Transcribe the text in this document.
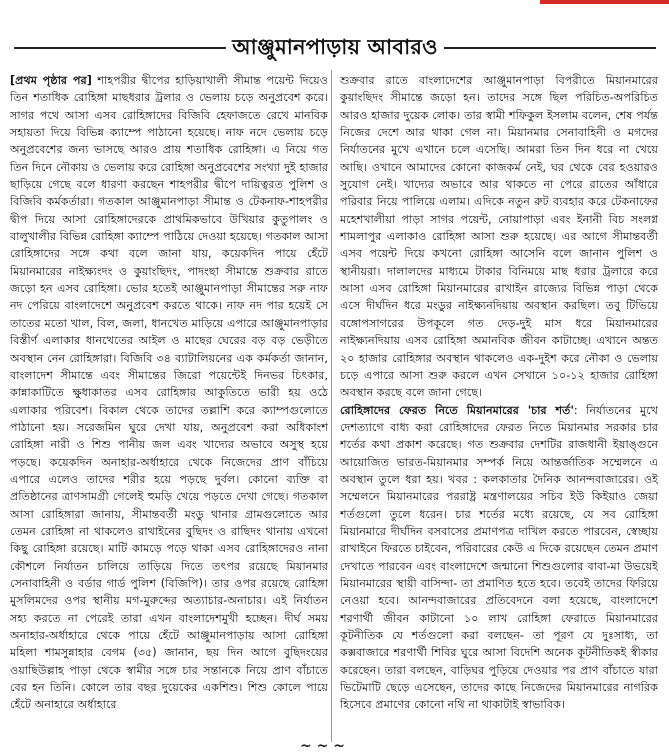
আঞ্জুমানপাড়ায় আবারও

[প্রথম পৃষ্ঠার পর] শাহপরীর দ্বীপের হাড়িয়াখালী সীমান্ত পয়েন্ট দিয়েও তিন শতাধিক রোহিঙ্গা মাছধরার ট্রলার ও ভেলায় চড়ে অনুপ্রবেশ করে। সাগর পথে আসা এসব রোহিঙ্গাদের বিজিবি হেফাজতে রেখে মানবিক সহায়তা দিয়ে বিভিন্ন ক্যাম্পে পাঠানো হয়েছে। নাফ নদে ভেলায় চড়ে অনুপ্রবেশের জন্য ভাসছে আরও প্রায় শতাধিক রোহিঙ্গা। এ নিয়ে গত তিন দিনে নৌকায় ও ভেলায় করে রোহিঙ্গা অনুপ্রবেশের সংখ্যা দুই হাজার ছাড়িয়ে গেছে বলে ধারণা করছেন শাহপরীর দ্বীপে দায়িত্বরত পুলিশ ও বিজিবি কর্মকর্তারা। গতকাল আঞ্জুমানপাড়া সীমান্ত ও টেকনাফ-শাহপরীর দ্বীপ দিয়ে আসা রোহিঙ্গাদেরকে প্রাথমিকভাবে উখিয়ার কুতুপালং ও বালুখালীর বিভিন্ন রোহিঙ্গা ক্যাম্পে পাঠিয়ে দেওয়া হয়েছে। গতকাল আসা রোহিঙ্গাদের সঙ্গে কথা বলে জানা যায়, কয়েকদিন পায়ে হেঁটে মিয়ানমারের নাইক্ষ্যংদং ও কুয়াংছিদং, পাদংছা সীমান্তে শুক্রবার রাতে জড়ো হন এসব রোহিঙ্গা। ভোর হতেই আঞ্জুমানপাড়া সীমান্তের সরু নাফ নদ পেরিয়ে বাংলাদেশে অনুপ্রবেশ করতে থাকে। নাফ নদ পার হয়েই সে তাতের মতো খাল, বিল, জলা, ধানখেত মাড়িয়ে এপারে আঞ্জুমানপাড়ার বিস্তীর্ণ এলাকার ধানখেতের আইল ও মাছের ঘেরের বড় বড় ভেড়ীতে অবস্থান নেন রোহিঙ্গারা। বিজিবি ৩৪ ব্যাটালিয়নের এক কর্মকর্তা জানান, বাংলাদেশ সীমান্তে এবং সীমান্তের জিরো পয়েন্টেই দিনভর চিৎকার, কান্নাকাটিতে ক্ষুধাকাতর এসব রোহিঙ্গার আকুতিতে ভারী হয় ওঠে এলাকার পরিবেশ। বিকাল থেকে তাদের তল্লাশি করে ক্যাম্পগুলোতে পাঠানো হয়। সরেজমিন ঘুরে দেখা যায়, অনুপ্রবেশ করা অধিকাংশ রোহিঙ্গা নারী ও শিশু পানীয় জল এবং খাদ্যের অভাবে অসুস্থ হয়ে পড়ছে। কয়েকদিন অনাহার-অর্ধাহারে থেকে নিজেদের প্রাণ বাঁচিয়ে এপারে এলেও তাদের শরীর হয়ে পড়ছে দুর্বল। কোনো ব্যক্তি বা প্রতিষ্ঠানের ত্রাণসামগ্রী গেলেই হুমড়ি খেয়ে পড়তে দেখা গেছে। গতকাল আসা রোহিঙ্গারা জানায়, সীমান্তবর্তী মংডু থানার গ্রামগুলোতে আর তেমন রোহিঙ্গা না থাকলেও রাথাইনের বুছিদং ও রাছিদং থানায় এখনো কিছু রোহিঙ্গা রয়েছে। মাটি কামড়ে পড়ে থাকা এসব রোহিঙ্গাদেরও নানা কৌশলে নির্যাতন চালিয়ে তাড়িয়ে দিতে তৎপর রয়েছে মিয়ানমার সেনাবাহিনী ও বর্ডার গার্ড পুলিশ (বিজিপি)। তার ওপর রয়েছে রোহিঙ্গা মুসলিমদের ওপর স্থানীয় মগ-মুরুব্দের অত্যাচার-অনাচার। এই নির্যাতন সহ্য করতে না পেরেই তারা এখন বাংলাদেশমুখী হচ্ছেন। দীর্ঘ সময় অনাহার-অর্ধাহারে থেকে পায়ে হেঁটে আঞ্জুমানপাড়ায় আসা রোহিঙ্গা মহিলা শামসুন্নাহার বেগম (৩৫) জানান, ছয় দিন আগে বুছিদংয়ের ওয়াছিউল্লাহ পাড়া থেকে স্বামীর সঙ্গে চার সন্তানকে নিয়ে প্রাণ বাঁচাতে বের হন তিনি। কোলে তার বছর দুয়েকের একশিশু। শিশু কোলে পায়ে হেঁটে অনাহারে অর্ধাহারে

শুক্রবার রাতে বাংলাদেশের আঞ্জুমানপাড়া বিপরীতে মিয়ানমারের কুয়াংছিদং সীমান্তে জড়ো হন। তাদের সঙ্গে ছিল পরিচিত-অপরিচিত আরও হাজার দুয়েক লোক। তার স্বামী শফিকুল ইসলাম বলেন, শেষ পর্যন্ত নিজের দেশে আর থাকা গেল না। মিয়ানমার সেনাবাহিনী ও মগদের নির্যাতনের মুখে এখানে চলে এসেছি। আমরা তিন দিন ধরে না খেয়ে আছি। ওখানে আমাদের কোনো কাজকর্ম নেই, ঘর থেকে বের হওয়ারও সুযোগ নেই। খাদ্যের অভাবে আর থাকতে না পেরে রাতের আঁধারে পরিবার নিয়ে পালিয়ে এলাম। এদিকে নতুন রুট ব্যবহার করে টেকনাফের মহেশখালীয়া পাড়া সাগর পয়েন্ট, নোয়াপাড়া এবং ইনানী বিচ সংলগ্ন শামলাপুর এলাকাও রোহিঙ্গা আসা শুরু হয়েছে। এর আগে সীমান্তবর্তী এসব পয়েন্ট দিয়ে কখনো রোহিঙ্গা আসেনি বলে জানান পুলিশ ও স্থানীয়রা। দালালদের মাধ্যমে টাকার বিনিময়ে মাছ ধরার ট্রলারে করে আসা এসব রোহিঙ্গা মিয়ানমারের রাখাইন রাজ্যের বিভিন্ন পাড়া থেকে এসে দীর্ঘদিন ধরে মংডুর নাইক্ষ্যনদিয়ায় অবস্থান করছিল। তবু টিভিয়ে বঙ্গোপসাগরের উপকূলে গত দেড়-দুই মাস ধরে মিয়ানমারের নাইক্ষ্যনদিয়ায় এসব রোহিঙ্গা অমানবিক জীবন কাটাচ্ছে। এখানে অন্তত ২০ হাজার রোহিঙ্গার অবস্থান থাকলেও এক-দুইশ করে নৌকা ও ভেলায় চড়ে এপারে আসা শুরু করলে এখন সেখানে ১০-১২ হাজার রোহিঙ্গা অবস্থান করছে বলে জানা গেছে।

রোহিঙ্গাদের ফেরত নিতে মিয়ানমারের 'চার শর্ত': নির্যাতনের মুখে দেশত্যাগে বাধ্য করা রোহিঙ্গাদের ফেরত নিতে মিয়ানমার সরকার চার শর্তের কথা প্রকাশ করেছে। গত শুক্রবার দেশটির রাজধানী ইয়াঙ্গুনে আয়োজিত ভারত-মিয়ানমার সম্পর্ক নিয়ে আন্তর্জাতিক সম্মেলনে এ অবস্থান তুলে ধরা হয়। খবর : কলকাতার দৈনিক আনন্দবাজারের। ওই সম্মেলনে মিয়ানমারের পররাষ্ট্র মন্ত্রণালয়ের সচিব ইউ কিইয়াও জেয়া শর্তগুলো তুলে ধরেন। চার শর্তের মধ্যে রয়েছে, যে সব রোহিঙ্গা মিয়ানমারে দীর্ঘদিন বসবাসের প্রমাণপত্র দাখিল করতে পারবেন, স্বেচ্ছায় রাখাইনে ফিরতে চাইবেন, পরিবারের কেউ এ দিকে রয়েছেন তেমন প্রমাণ দেখাতে পারবেন এবং বাংলাদেশে জন্মানো শিশুগুলোর বাবা-মা উভয়েই মিয়ানমারের স্থায়ী বাসিন্দা- তা প্রমাণিত হতে হবে। তবেই তাদের ফিরিয়ে নেওয়া হবে। আনন্দবাজারের প্রতিবেদনে বলা হয়েছে, বাংলাদেশে শরণার্থী জীবন কাটানো ১০ লাখ রোহিঙ্গা ফেরাতে মিয়ানমারের কূটনীতিক যে শর্তগুলো করা বলছেন- তা পূরণ যে দুঃসাধ্য, তা কক্সবাজারে শরণার্থী শিবির ঘুরে আসা বিদেশি অনেক কূটনীতিকই স্বীকার করেছেন। তারা বলছেন, বাড়িঘর পুড়িয়ে দেওয়ার পর প্রাণ বাঁচাতে যারা ভিটেমাটি ছেড়ে এসেছেন, তাদের কাছে নিজেদের মিয়ানমারের নাগরিক হিসেবে প্রমাণের কোনো নথি না থাকাটাই স্বাভাবিক।

~ ~ ~
